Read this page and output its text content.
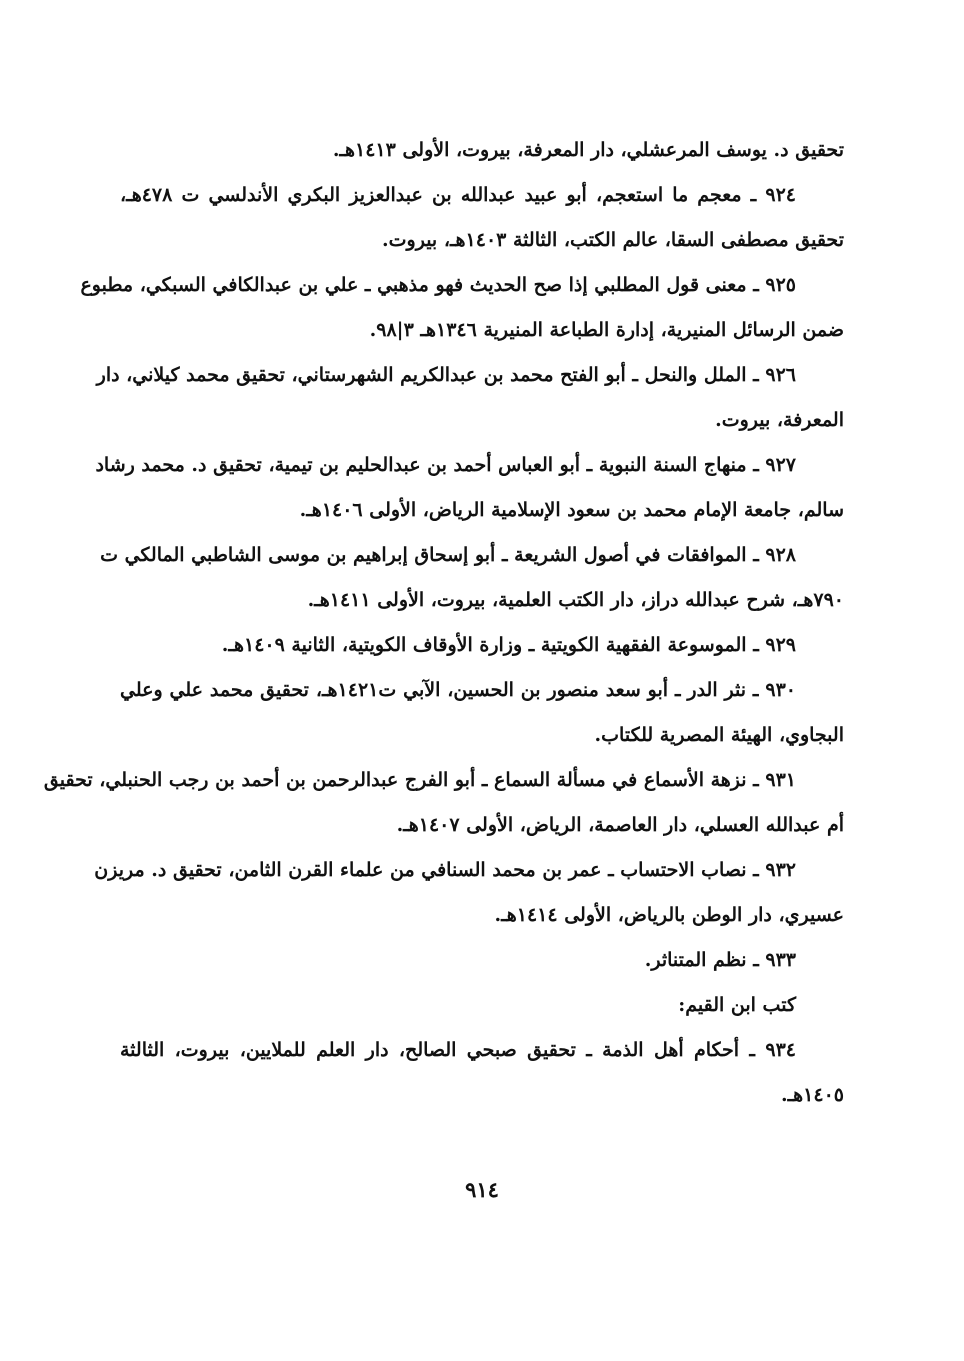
تحقيق د. يوسف المرعشلي، دار المعرفة، بيروت، الأولى ١٤١٣هـ.
٩٢٤ ـ معجم ما استعجم، أبو عبيد عبدالله بن عبدالعزيز البكري الأندلسي ت ٤٧٨هـ،
تحقيق مصطفى السقا، عالم الكتب، الثالثة ١٤٠٣هـ، بيروت.
٩٢٥ ـ معنى قول المطلبي إذا صح الحديث فهو مذهبي ـ علي بن عبدالكافي السبكي، مطبوع
ضمن الرسائل المنيرية، إدارة الطباعة المنيرية ١٣٤٦هـ ٣|٩٨.
٩٢٦ ـ الملل والنحل ـ أبو الفتح محمد بن عبدالكريم الشهرستاني، تحقيق محمد كيلاني، دار
المعرفة، بيروت.
٩٢٧ ـ منهاج السنة النبوية ـ أبو العباس أحمد بن عبدالحليم بن تيمية، تحقيق د. محمد رشاد
سالم، جامعة الإمام محمد بن سعود الإسلامية الرياض، الأولى ١٤٠٦هـ.
٩٢٨ ـ الموافقات في أصول الشريعة ـ أبو إسحاق إبراهيم بن موسى الشاطبي المالكي ت
٧٩٠هـ، شرح عبدالله دراز، دار الكتب العلمية، بيروت، الأولى ١٤١١هـ.
٩٢٩ ـ الموسوعة الفقهية الكويتية ـ وزارة الأوقاف الكويتية، الثانية ١٤٠٩هـ.
٩٣٠ ـ نثر الدر ـ أبو سعد منصور بن الحسين، الآبي ت١٤٢١هـ، تحقيق محمد علي وعلي
البجاوي، الهيئة المصرية للكتاب.
٩٣١ ـ نزهة الأسماع في مسألة السماع ـ أبو الفرج عبدالرحمن بن أحمد بن رجب الحنبلي، تحقيق
أم عبدالله العسلي، دار العاصمة، الرياض، الأولى ١٤٠٧هـ.
٩٣٢ ـ نصاب الاحتساب ـ عمر بن محمد السنافي من علماء القرن الثامن، تحقيق د. مريزن
عسيري، دار الوطن بالرياض، الأولى ١٤١٤هـ.
٩٣٣ ـ نظم المتناثر.
كتب ابن القيم:
٩٣٤ ـ أحكام أهل الذمة ـ تحقيق صبحي الصالح، دار العلم للملايين، بيروت، الثالثة
١٤٠٥هـ.
٩١٤
